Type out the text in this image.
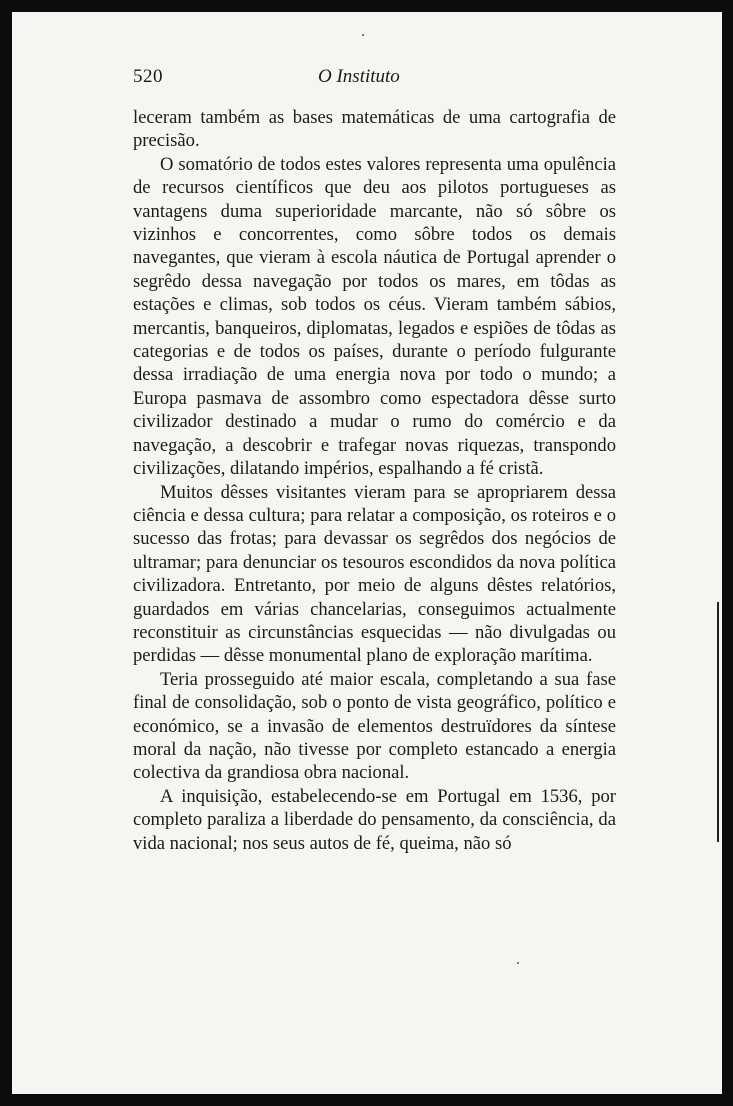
520	O Instituto

leceram também as bases matemáticas de uma cartografia de precisão.

O somatório de todos estes valores representa uma opulência de recursos científicos que deu aos pilotos portugueses as vantagens duma superioridade marcante, não só sôbre os vizinhos e concorrentes, como sôbre todos os demais navegantes, que vieram à escola náutica de Portugal aprender o segrêdo dessa navegação por todos os mares, em tôdas as estações e climas, sob todos os céus. Vieram também sábios, mercantis, banqueiros, diplomatas, legados e espiões de tôdas as categorias e de todos os países, durante o período fulgurante dessa irradiação de uma energia nova por todo o mundo; a Europa pasmava de assombro como espectadora dêsse surto civilizador destinado a mudar o rumo do comércio e da navegação, a descobrir e trafegar novas riquezas, transpondo civilizações, dilatando impérios, espalhando a fé cristã.

Muitos dêsses visitantes vieram para se apropriarem dessa ciência e dessa cultura; para relatar a composição, os roteiros e o sucesso das frotas; para devassar os segrêdos dos negócios de ultramar; para denunciar os tesouros escondidos da nova política civilizadora. Entretanto, por meio de alguns dêstes relatórios, guardados em várias chancelarias, conseguimos actualmente reconstituir as circunstâncias esquecidas — não divulgadas ou perdidas — dêsse monumental plano de exploração marítima.

Teria prosseguido até maior escala, completando a sua fase final de consolidação, sob o ponto de vista geográfico, político e económico, se a invasão de elementos destruïdores da síntese moral da nação, não tivesse por completo estancado a energia colectiva da grandiosa obra nacional.

A inquisição, estabelecendo-se em Portugal em 1536, por completo paraliza a liberdade do pensamento, da consciência, da vida nacional; nos seus autos de fé, queima, não só
